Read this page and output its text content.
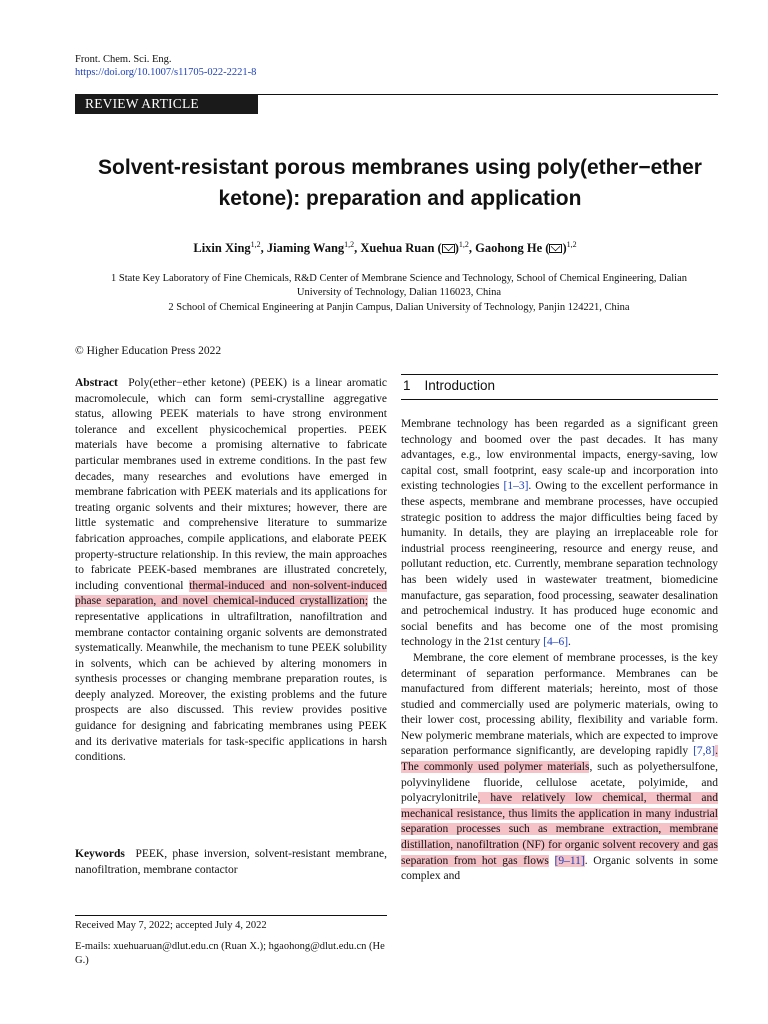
Front. Chem. Sci. Eng.
https://doi.org/10.1007/s11705-022-2221-8
REVIEW ARTICLE
Solvent-resistant porous membranes using poly(ether−ether ketone): preparation and application
Lixin Xing$^{1,2}$, Jiaming Wang$^{1,2}$, Xuehua Ruan ( )$^{1,2}$, Gaohong He ( )$^{1,2}$
1 State Key Laboratory of Fine Chemicals, R&D Center of Membrane Science and Technology, School of Chemical Engineering, Dalian
University of Technology, Dalian 116023, China
2 School of Chemical Engineering at Panjin Campus, Dalian University of Technology, Panjin 124221, China
© Higher Education Press 2022
Abstract Poly(ether−ether ketone) (PEEK) is a linear aromatic macromolecule, which can form semi-crystalline aggregative status, allowing PEEK materials to have strong environment tolerance and excellent physicochemical properties. PEEK materials have become a promising alternative to fabricate particular membranes used in extreme conditions. In the past few decades, many researches and evolutions have emerged in membrane fabrication with PEEK materials and its applications for treating organic solvents and their mixtures; however, there are little systematic and comprehensive literature to summarize fabrication approaches, compile applications, and elaborate PEEK property-structure relationship. In this review, the main approaches to fabricate PEEK-based membranes are illustrated concretely, including conventional thermal-induced and non-solvent-induced phase separation, and novel chemical-induced crystallization; the representative applications in ultrafiltration, nanofiltration and membrane contactor containing organic solvents are demonstrated systematically. Meanwhile, the mechanism to tune PEEK solubility in solvents, which can be achieved by altering monomers in synthesis processes or changing membrane preparation routes, is deeply analyzed. Moreover, the existing problems and the future prospects are also discussed. This review provides positive guidance for designing and fabricating membranes using PEEK and its derivative materials for task-specific applications in harsh conditions.
Keywords PEEK, phase inversion, solvent-resistant membrane, nanofiltration, membrane contactor
Received May 7, 2022; accepted July 4, 2022
E-mails: xuehuaruan@dlut.edu.cn (Ruan X.); hgaohong@dlut.edu.cn (He G.)
1 Introduction

Membrane technology has been regarded as a significant green technology and boomed over the past decades. It has many advantages, e.g., low environmental impacts, energy-saving, low capital cost, small footprint, easy scale-up and incorporation into existing technologies [1–3]. Owing to the excellent performance in these aspects, membrane and membrane processes, have occupied strategic position to address the major difficulties being faced by humanity. In details, they are playing an irreplaceable role for industrial process reengineering, resource and energy reuse, and pollutant reduction, etc. Currently, membrane separation technology has been widely used in wastewater treatment, biomedicine manufacture, gas separation, food processing, seawater desalination and petrochemical industry. It has produced huge economic and social benefits and has become one of the most promising technology in the 21st century [4–6].

Membrane, the core element of membrane processes, is the key determinant of separation performance. Membranes can be manufactured from different materials; hereinto, most of those studied and commercially used are polymeric materials, owing to their lower cost, processing ability, flexibility and variable form. New polymeric membrane materials, which are expected to improve separation performance significantly, are developing rapidly [7,8]. The commonly used polymer materials, such as polyethersulfone, polyvinylidene fluoride, cellulose acetate, polyimide, and polyacrylonitrile, have relatively low chemical, thermal and mechanical resistance, thus limits the application in many industrial separation processes such as membrane extraction, membrane distillation, nanofiltration (NF) for organic solvent recovery and gas separation from hot gas flows [9–11]. Organic solvents in some complex and
